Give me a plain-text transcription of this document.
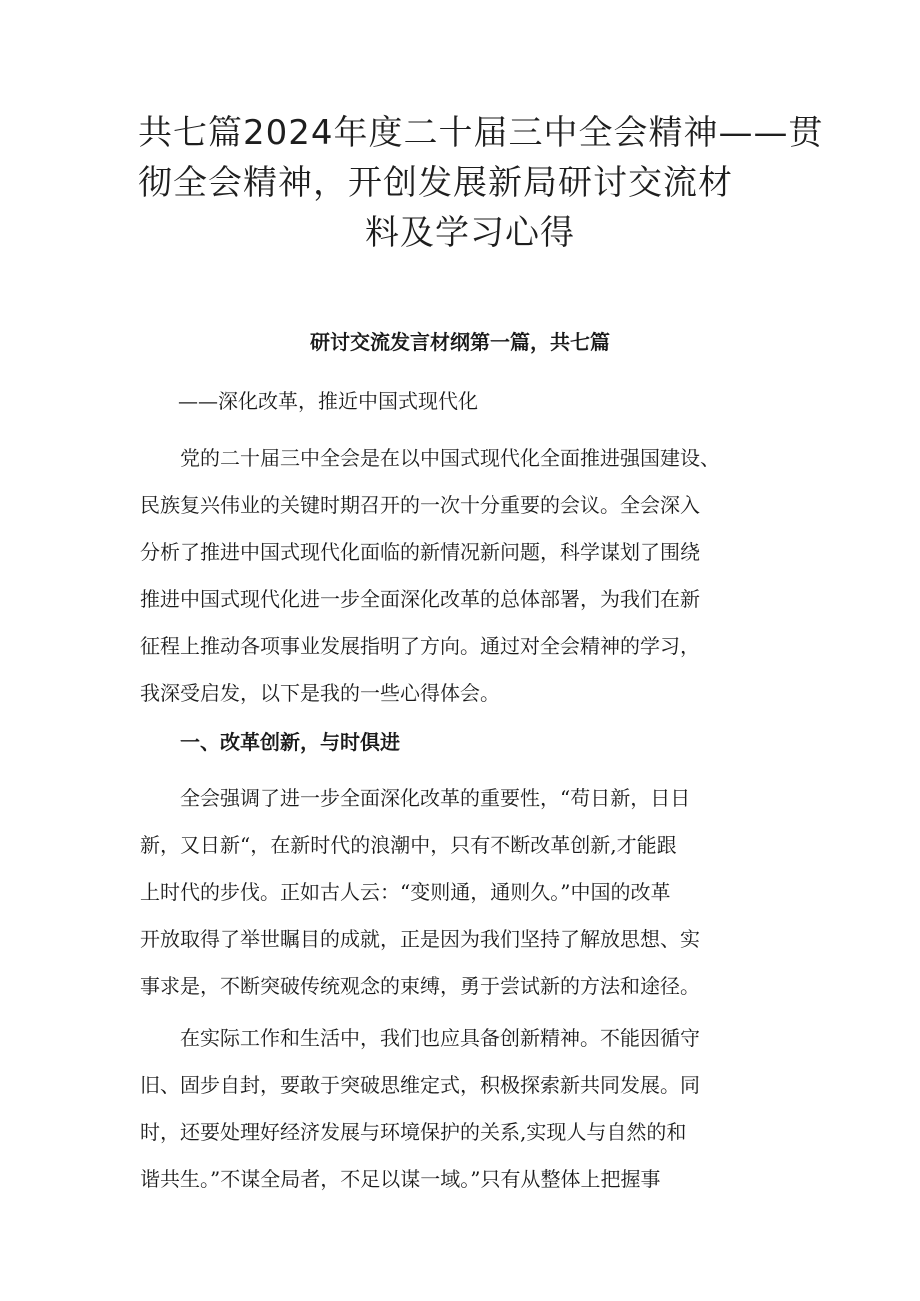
共七篇2024年度二十届三中全会精神——贯
彻全会精神，开创发展新局研讨交流材
料及学习心得
研讨交流发言材纲第一篇，共七篇
——深化改革，推近中国式现代化
党的二十届三中全会是在以中国式现代化全面推进强国建设、
民族复兴伟业的关键时期召开的一次十分重要的会议。全会深入
分析了推进中国式现代化面临的新情况新问题，科学谋划了围绕
推进中国式现代化进一步全面深化改革的总体部署，为我们在新
征程上推动各项事业发展指明了方向。通过对全会精神的学习，
我深受启发，以下是我的一些心得体会。
一、改革创新，与时俱进
全会强调了进一步全面深化改革的重要性，“苟日新，日日
新，又日新“，在新时代的浪潮中，只有不断改革创新,才能跟
上时代的步伐。正如古人云：“变则通，通则久。”中国的改革
开放取得了举世瞩目的成就，正是因为我们坚持了解放思想、实
事求是，不断突破传统观念的束缚，勇于尝试新的方法和途径。
在实际工作和生活中，我们也应具备创新精神。不能因循守
旧、固步自封，要敢于突破思维定式，积极探索新共同发展。同
时，还要处理好经济发展与环境保护的关系,实现人与自然的和
谐共生。”不谋全局者，不足以谋一域。”只有从整体上把握事
